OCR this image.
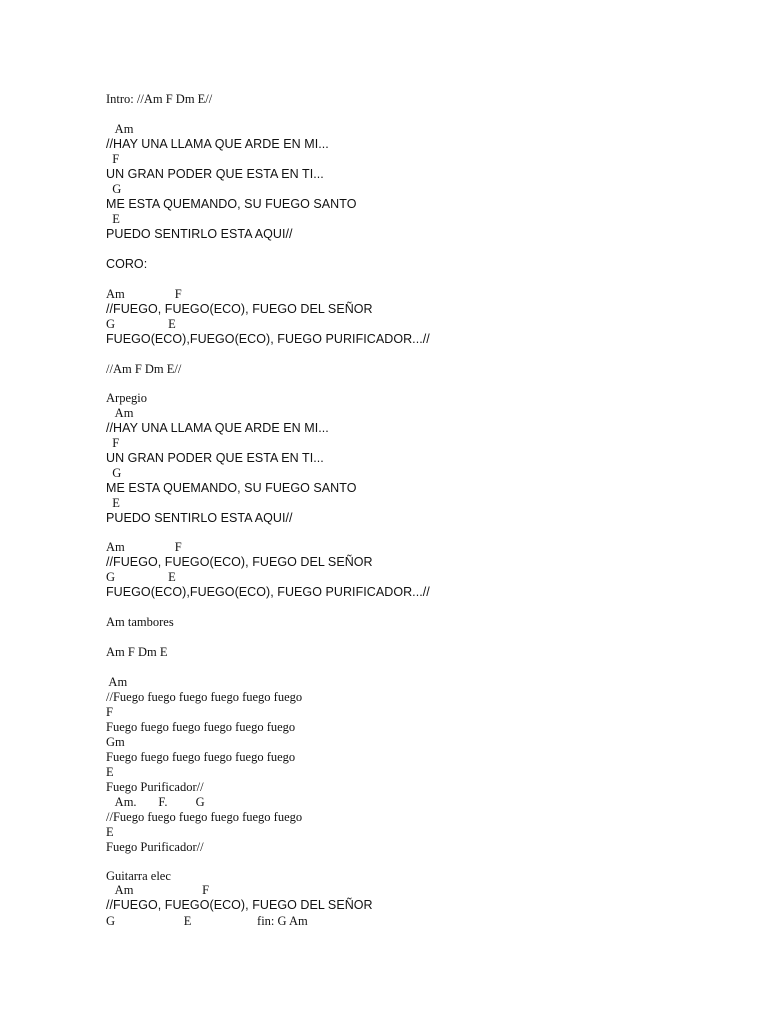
Intro: //Am F Dm E//

Am

//HAY UNA LLAMA QUE ARDE EN MI...

F

UN GRAN PODER QUE ESTA EN TI...

G

ME ESTA QUEMANDO, SU FUEGO SANTO

E

PUEDO SENTIRLO ESTA AQUI//

CORO:

Am                F

//FUEGO, FUEGO(ECO), FUEGO DEL SEÑOR

G                 E

FUEGO(ECO),FUEGO(ECO), FUEGO PURIFICADOR...//

//Am F Dm E//

Arpegio

Am

//HAY UNA LLAMA QUE ARDE EN MI...

F

UN GRAN PODER QUE ESTA EN TI...

G

ME ESTA QUEMANDO, SU FUEGO SANTO

E

PUEDO SENTIRLO ESTA AQUI//

Am                F

//FUEGO, FUEGO(ECO), FUEGO DEL SEÑOR

G                 E

FUEGO(ECO),FUEGO(ECO), FUEGO PURIFICADOR...//

Am tambores

Am F Dm E

Am

//Fuego fuego fuego fuego fuego fuego

F

Fuego fuego fuego fuego fuego fuego

Gm

Fuego fuego fuego fuego fuego fuego

E

Fuego Purificador//

Am.       F.         G

//Fuego fuego fuego fuego fuego fuego

E

Fuego Purificador//

Guitarra elec

Am                      F

//FUEGO, FUEGO(ECO), FUEGO DEL SEÑOR

G                      E                     fin: G Am
